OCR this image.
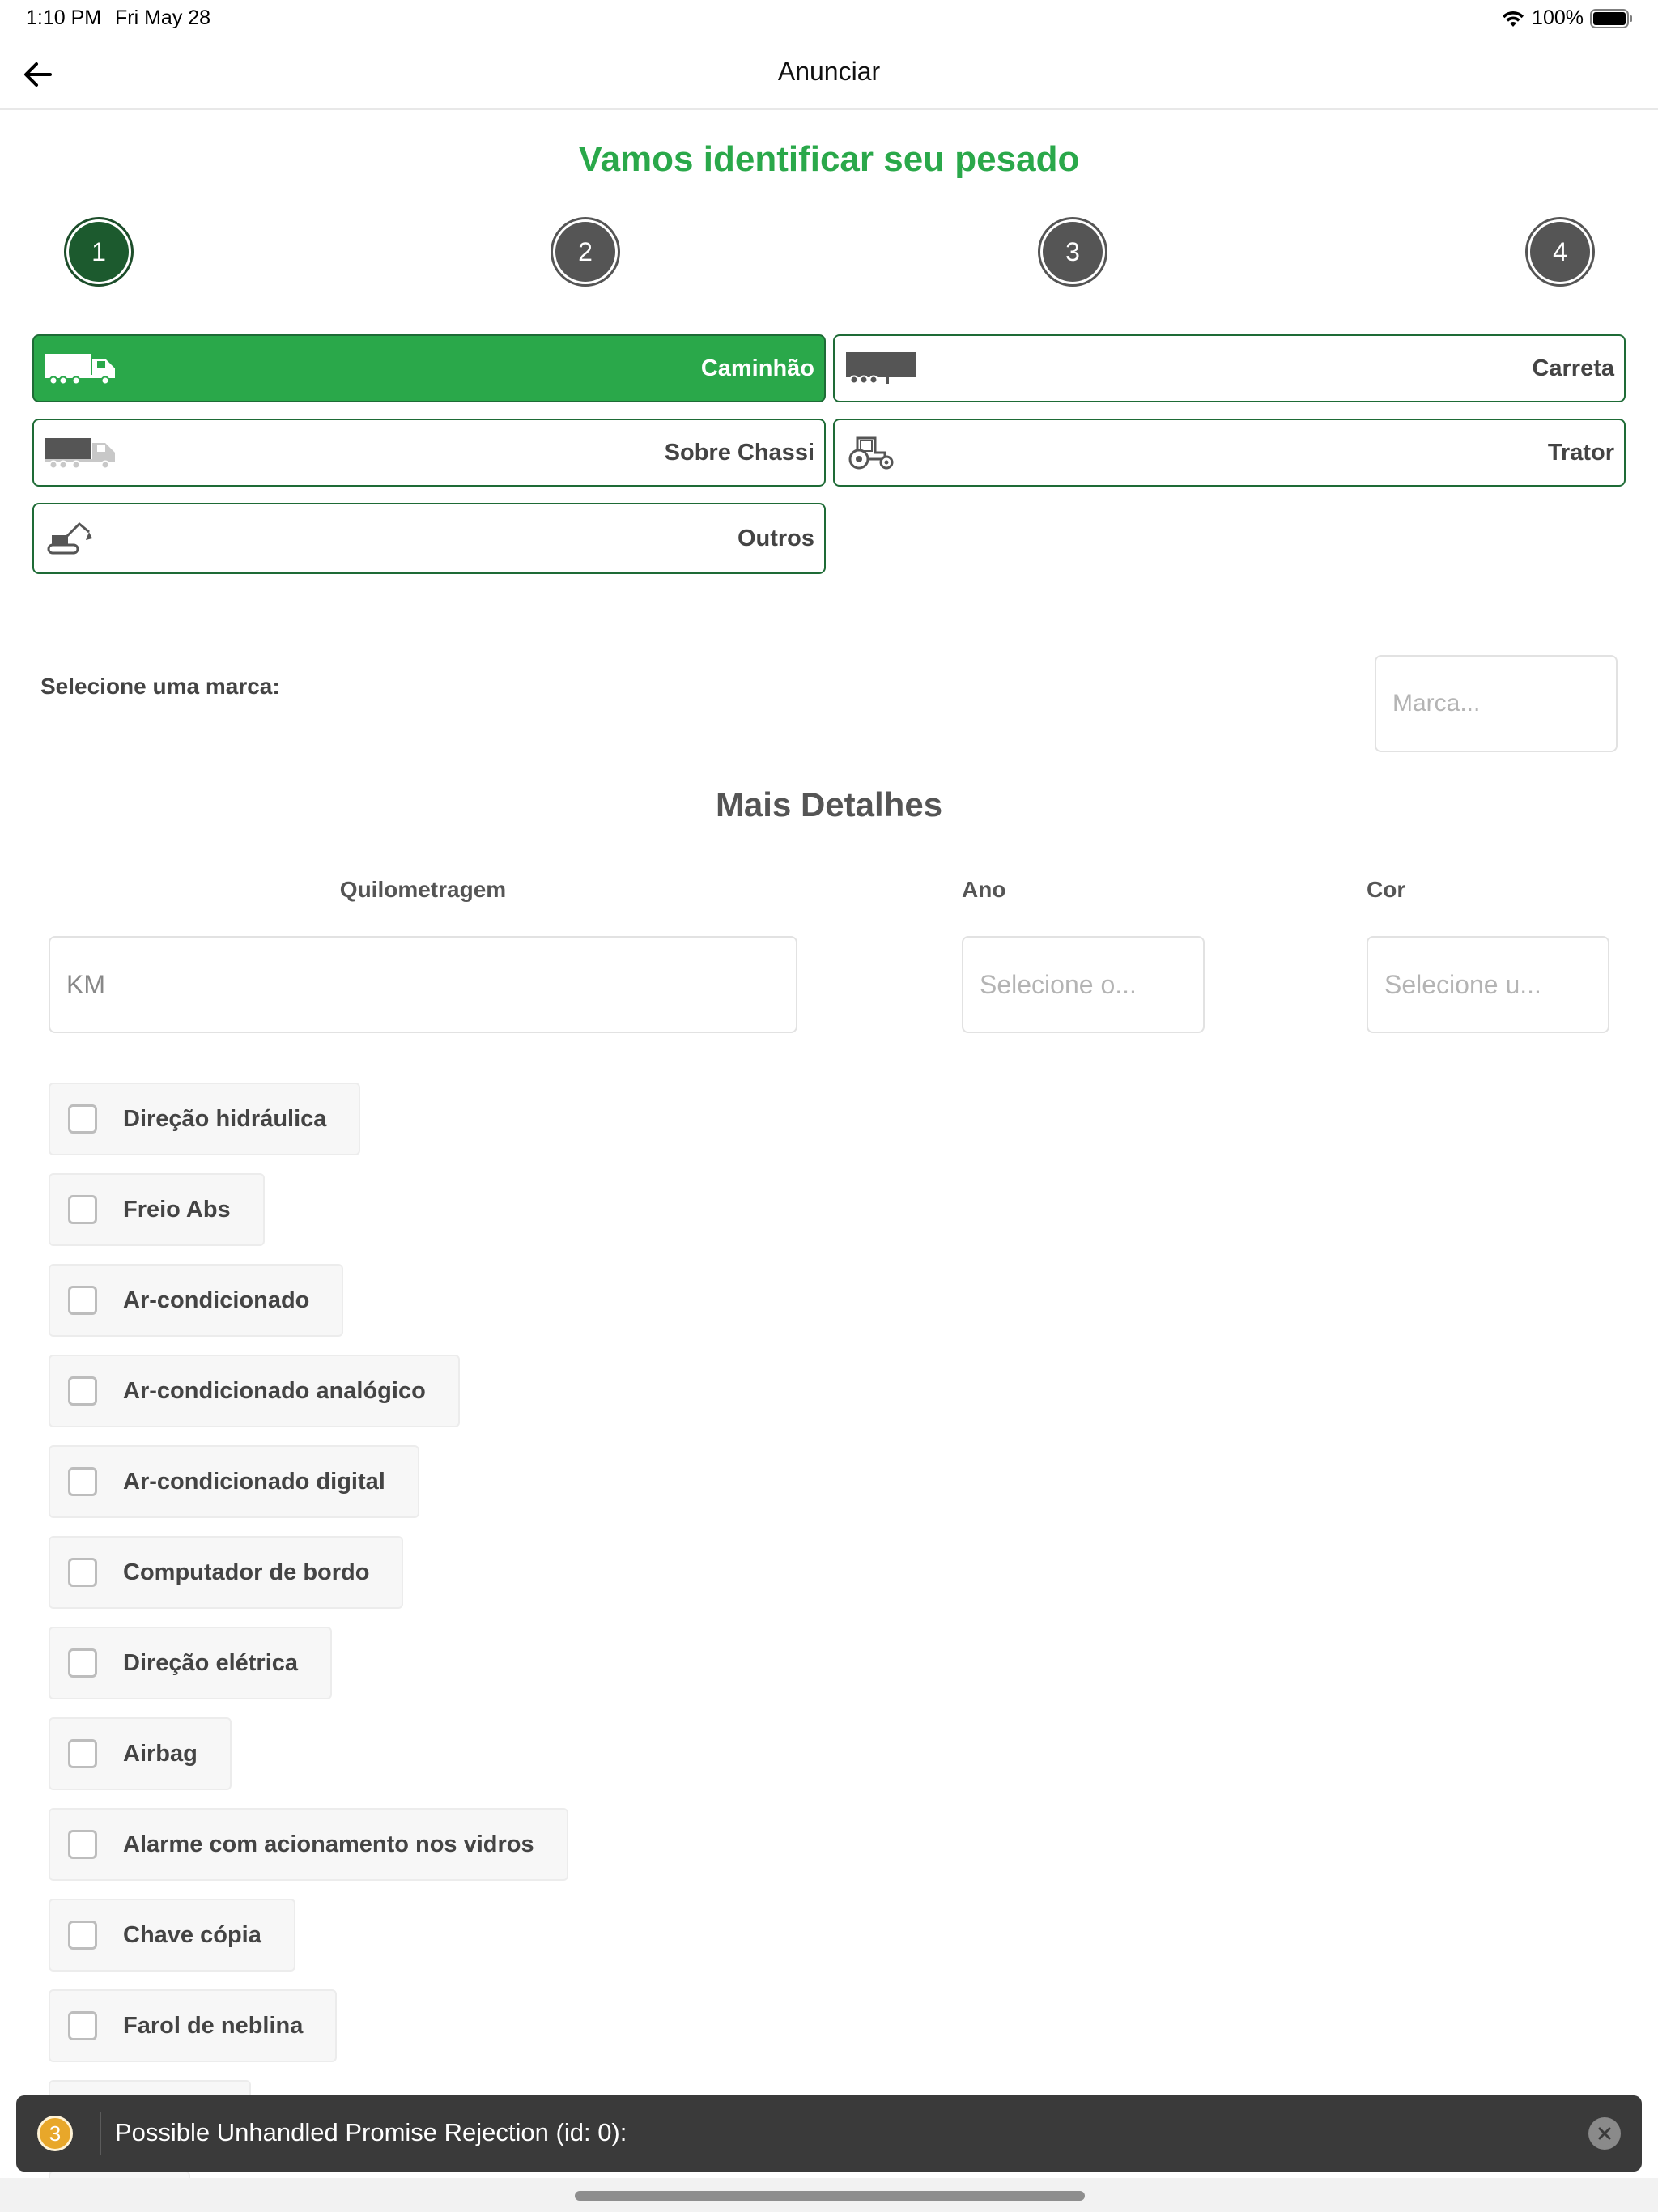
1:10 PM Fri May 28	100%
Anunciar
Vamos identificar seu pesado
1	2	3	4
Caminhão	Carreta
Sobre Chassi	Trator
Outros
Selecione uma marca:
Marca...
Mais Detalhes
Quilometragem
KM	Ano
Selecione o...
Cor
Selecione u...
Direção hidráulica
Freio Abs
Ar-condicionado
Ar-condicionado analógico
Ar-condicionado digital
Computador de bordo
Direção elétrica
Airbag
Alarme com acionamento nos vidros
Chave cópia
Farol de neblina
3	Possible Unhandled Promise Rejection (id: 0):
